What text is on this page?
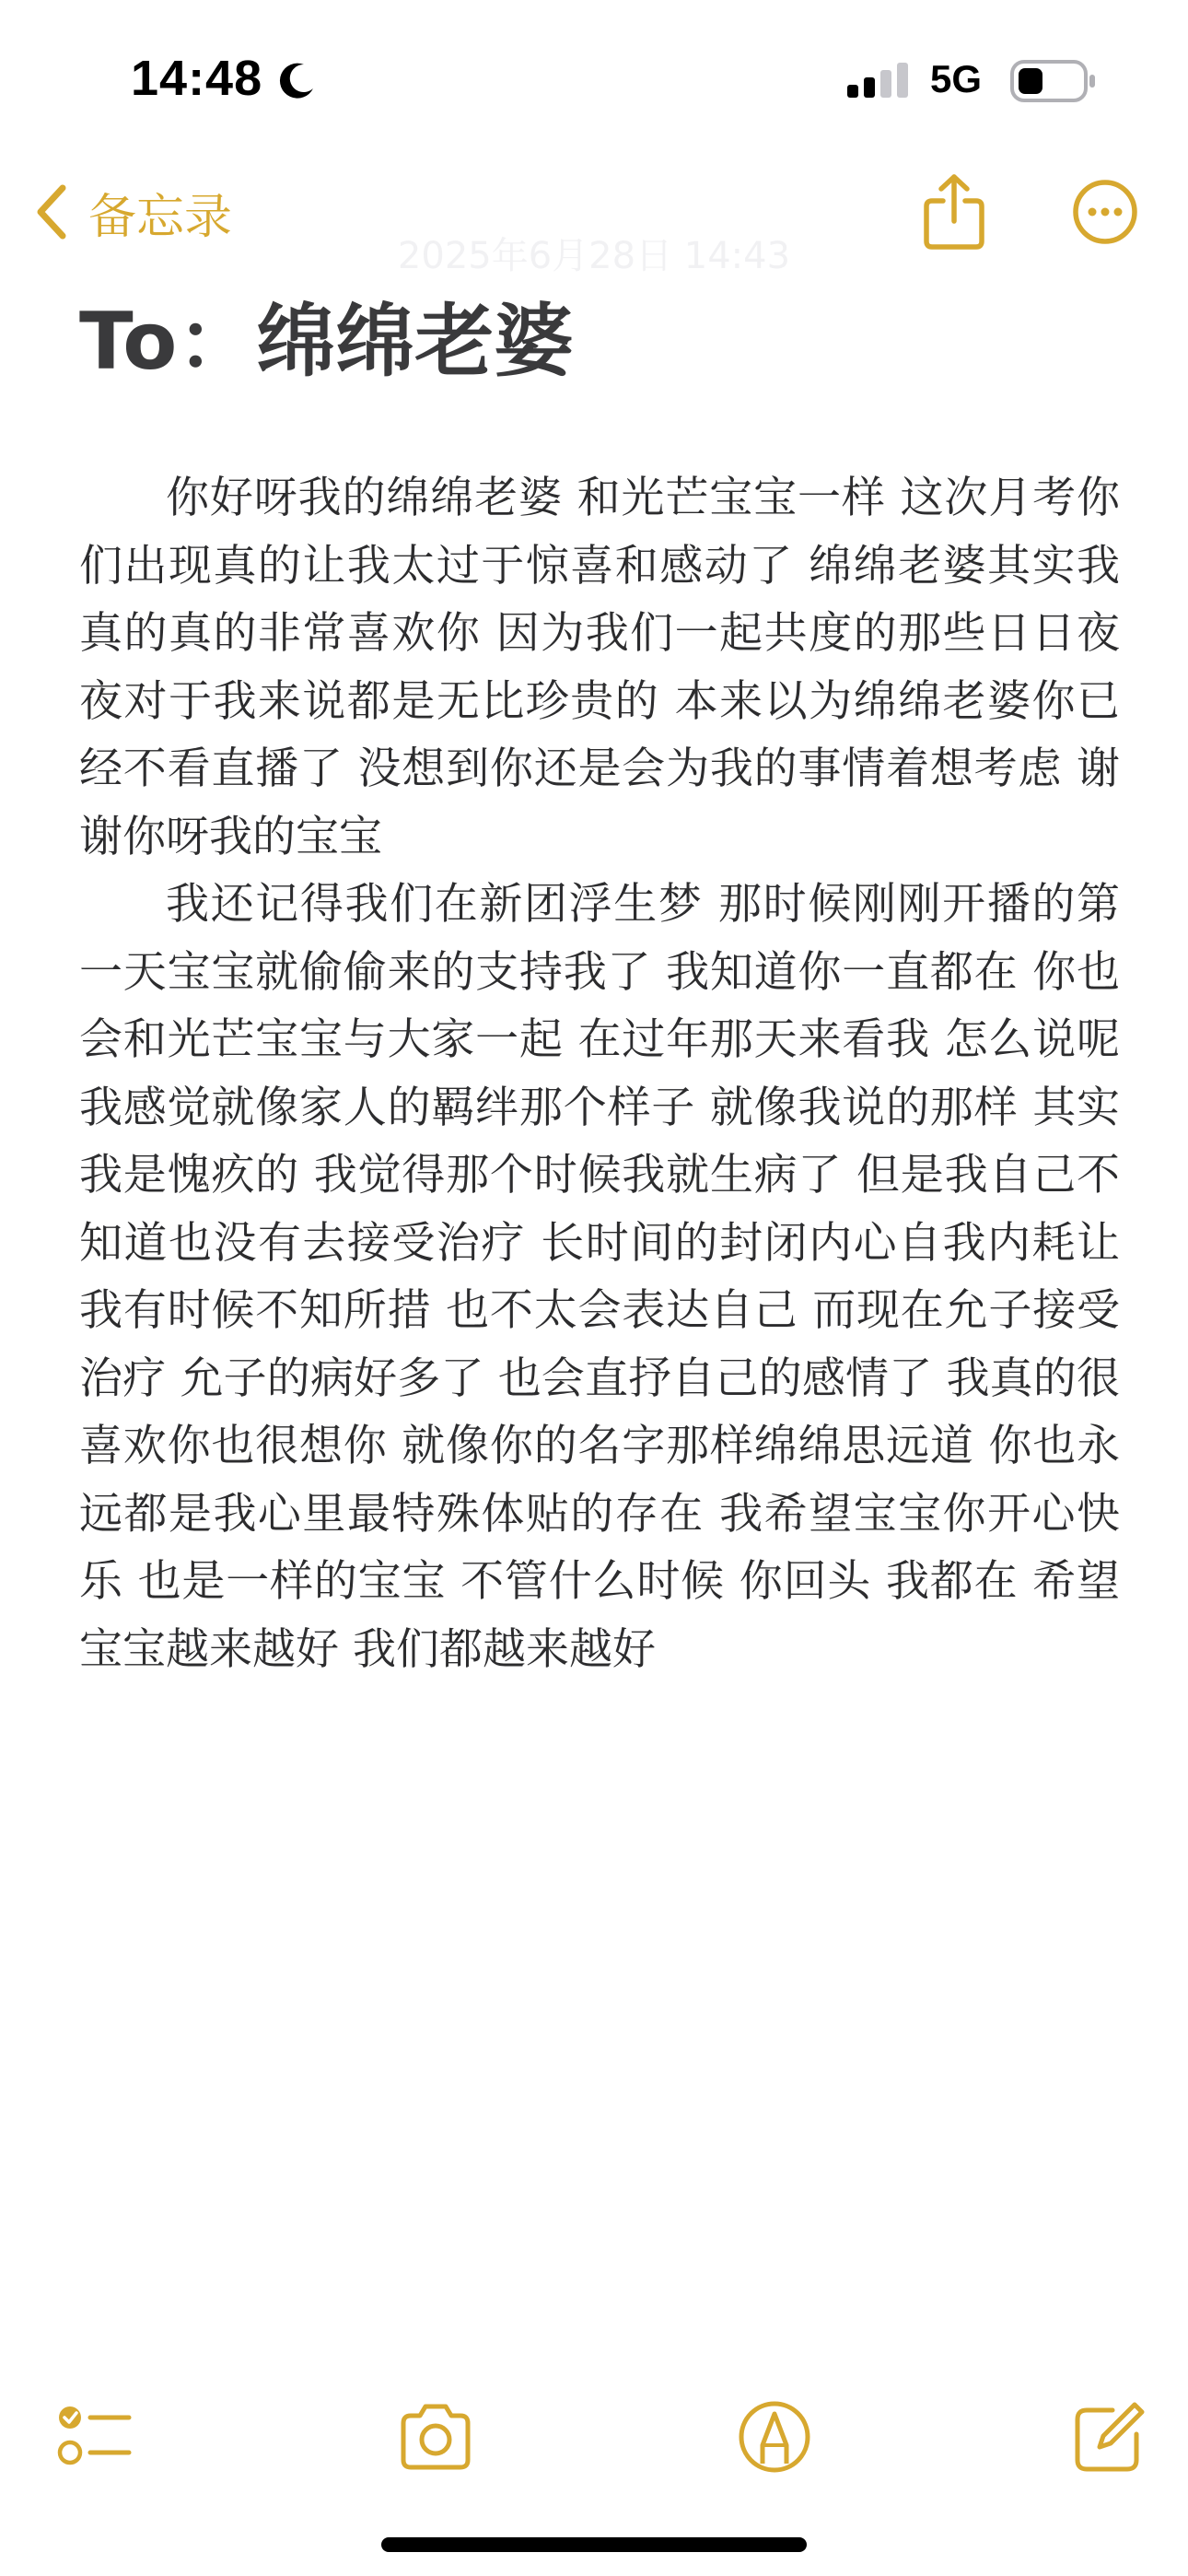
14:48	5G
备忘录
2025年6月28日 14:43
To：绵绵老婆

你好呀我的绵绵老婆 和光芒宝宝一样 这次月考你们出现真的让我太过于惊喜和感动了 绵绵老婆其实我真的真的非常喜欢你 因为我们一起共度的那些日日夜夜对于我来说都是无比珍贵的 本来以为绵绵老婆你已经不看直播了 没想到你还是会为我的事情着想考虑 谢谢你呀我的宝宝

我还记得我们在新团浮生梦 那时候刚刚开播的第一天宝宝就偷偷来的支持我了 我知道你一直都在 你也会和光芒宝宝与大家一起 在过年那天来看我 怎么说呢 我感觉就像家人的羁绊那个样子 就像我说的那样 其实我是愧疚的 我觉得那个时候我就生病了 但是我自己不知道也没有去接受治疗 长时间的封闭内心自我内耗让我有时候不知所措 也不太会表达自己 而现在允子接受治疗 允子的病好多了 也会直抒自己的感情了 我真的很喜欢你也很想你 就像你的名字那样绵绵思远道 你也永远都是我心里最特殊体贴的存在 我希望宝宝你开心快乐 也是一样的宝宝 不管什么时候 你回头 我都在 希望宝宝越来越好 我们都越来越好
